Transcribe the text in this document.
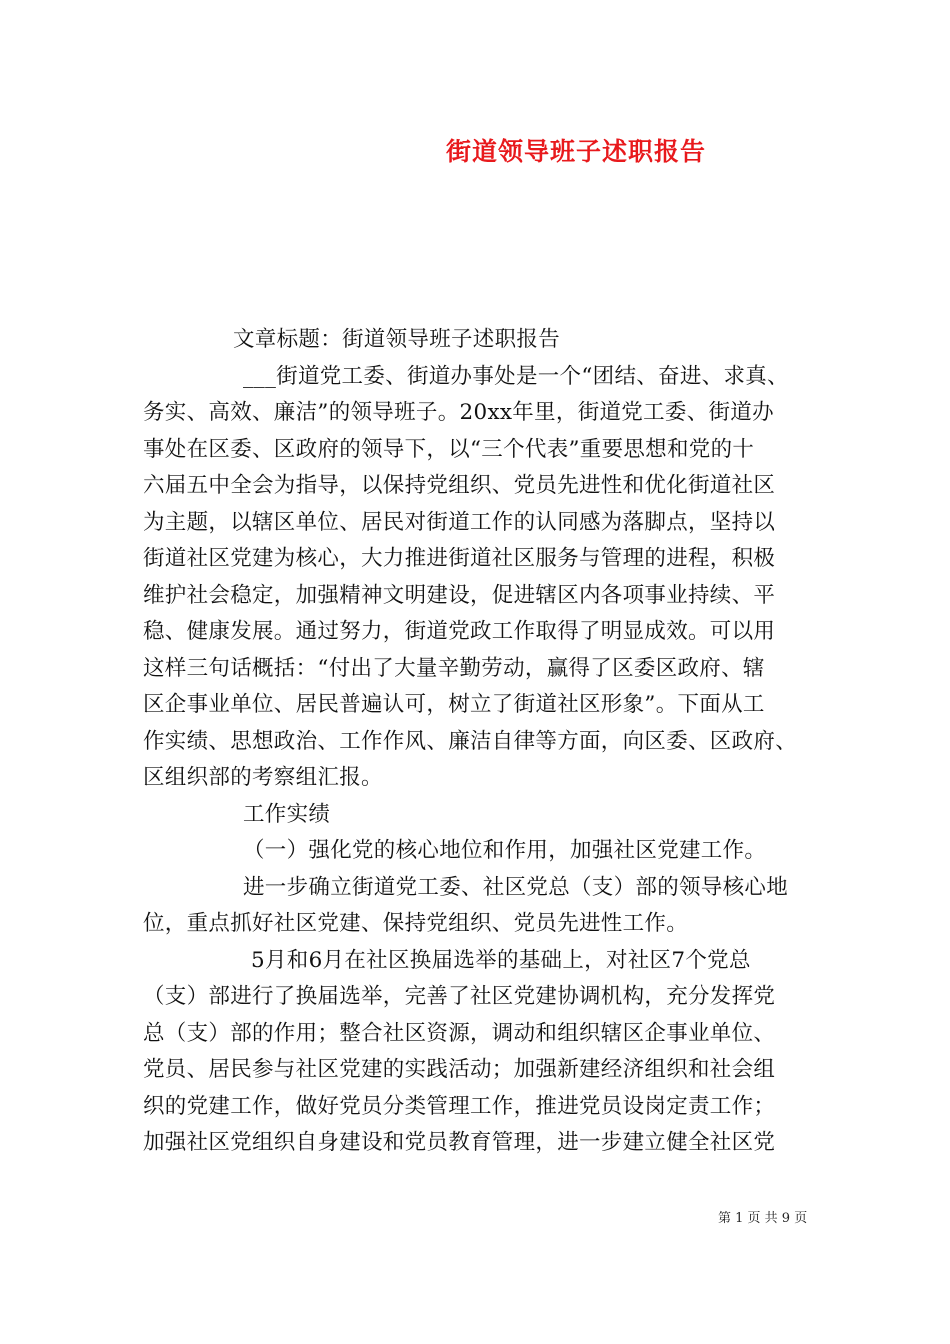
街道领导班子述职报告

文章标题：街道领导班子述职报告

___街道党工委、街道办事处是一个“团结、奋进、求真、

务实、高效、廉洁”的领导班子。20xx年里，街道党工委、街道办

事处在区委、区政府的领导下，以“三个代表”重要思想和党的十

六届五中全会为指导，以保持党组织、党员先进性和优化街道社区

为主题，以辖区单位、居民对街道工作的认同感为落脚点，坚持以

街道社区党建为核心，大力推进街道社区服务与管理的进程，积极

维护社会稳定，加强精神文明建设，促进辖区内各项事业持续、平

稳、健康发展。通过努力，街道党政工作取得了明显成效。可以用

这样三句话概括：“付出了大量辛勤劳动，赢得了区委区政府、辖

区企事业单位、居民普遍认可，树立了街道社区形象”。下面从工

作实绩、思想政治、工作作风、廉洁自律等方面，向区委、区政府、

区组织部的考察组汇报。

工作实绩

（一）强化党的核心地位和作用，加强社区党建工作。

进一步确立街道党工委、社区党总（支）部的领导核心地

位，重点抓好社区党建、保持党组织、党员先进性工作。

5月和6月在社区换届选举的基础上，对社区7个党总

（支）部进行了换届选举，完善了社区党建协调机构，充分发挥党

总（支）部的作用；整合社区资源，调动和组织辖区企事业单位、

党员、居民参与社区党建的实践活动；加强新建经济组织和社会组

织的党建工作，做好党员分类管理工作，推进党员设岗定责工作；

加强社区党组织自身建设和党员教育管理，进一步建立健全社区党

第 1 页 共 9 页
